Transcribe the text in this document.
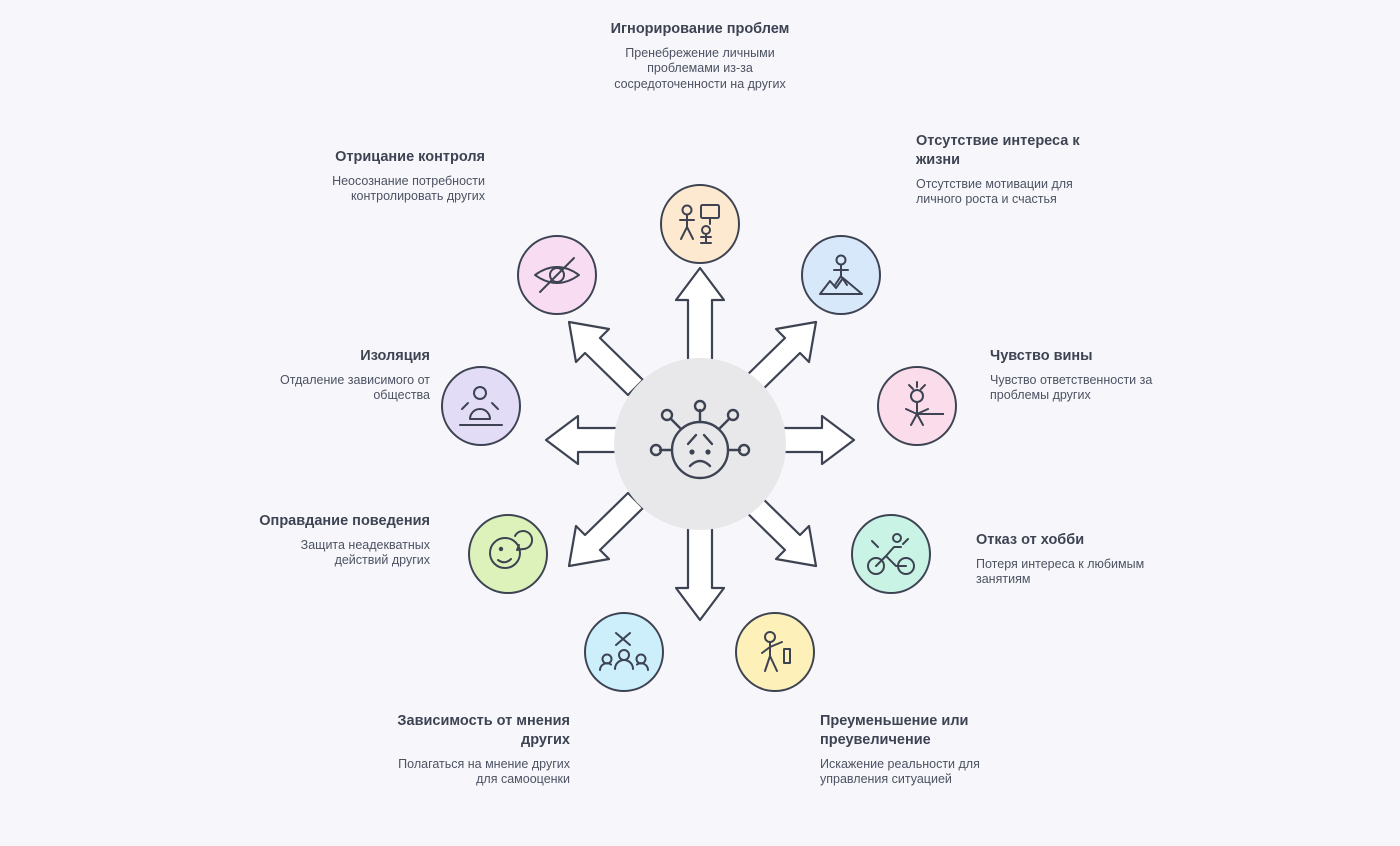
Игнорирование проблем
Пренебрежение личными проблемами из-за сосредоточенности на других
Отсутствие интереса к жизни
Отсутствие мотивации для личного роста и счастья
Чувство вины
Чувство ответственности за проблемы других
Отказ от хобби
Потеря интереса к любимым занятиям
Преуменьшение или преувеличение
Искажение реальности для управления ситуацией
Зависимость от мнения других
Полагаться на мнение других для самооценки
Оправдание поведения
Защита неадекватных действий других
Изоляция
Отдаление зависимого от общества
Отрицание контроля
Неосознание потребности контролировать других
